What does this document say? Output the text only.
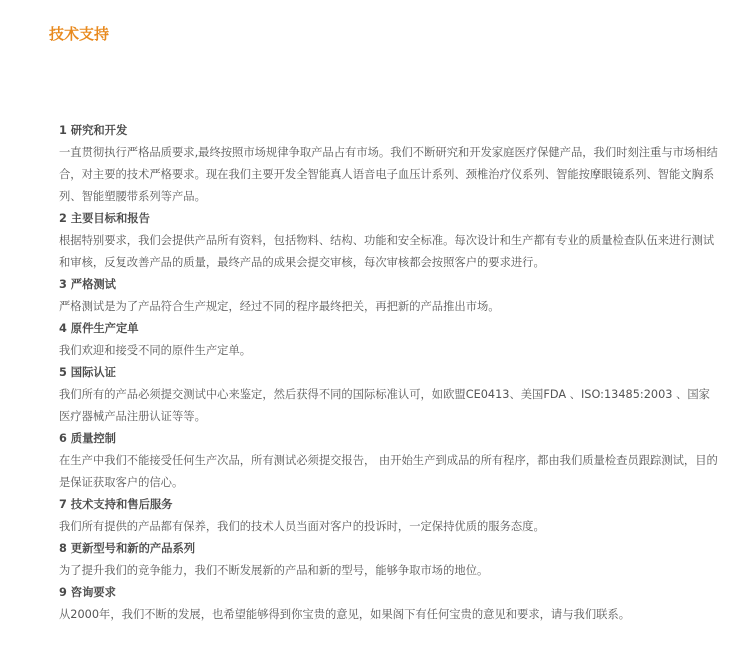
技术支持

1 研究和开发

一直贯彻执行严格品质要求,最终按照市场规律争取产品占有市场。我们不断研究和开发家庭医疗保健产品，我们时刻注重与市场相结合，对主要的技术严格要求。现在我们主要开发全智能真人语音电子血压计系列、颈椎治疗仪系列、智能按摩眼镜系列、智能文胸系列、智能塑腰带系列等产品。

2 主要目标和报告

根据特别要求，我们会提供产品所有资料，包括物料、结构、功能和安全标准。每次设计和生产都有专业的质量检查队伍来进行测试和审核，反复改善产品的质量，最终产品的成果会提交审核，每次审核都会按照客户的要求进行。

3 严格测试

严格测试是为了产品符合生产规定，经过不同的程序最终把关，再把新的产品推出市场。

4 原件生产定单

我们欢迎和接受不同的原件生产定单。

5 国际认证

我们所有的产品必须提交测试中心来鉴定，然后获得不同的国际标准认可，如欧盟CE0413、美国FDA 、ISO:13485:2003 、国家医疗器械产品注册认证等等。

6 质量控制

在生产中我们不能接受任何生产次品，所有测试必须提交报告， 由开始生产到成品的所有程序，都由我们质量检查员跟踪测试，目的是保证获取客户的信心。

7 技术支持和售后服务

我们所有提供的产品都有保养，我们的技术人员当面对客户的投诉时，一定保持优质的服务态度。

8 更新型号和新的产品系列

为了提升我们的竞争能力，我们不断发展新的产品和新的型号，能够争取市场的地位。

9 咨询要求

从2000年，我们不断的发展，也希望能够得到你宝贵的意见，如果阁下有任何宝贵的意见和要求，请与我们联系。
